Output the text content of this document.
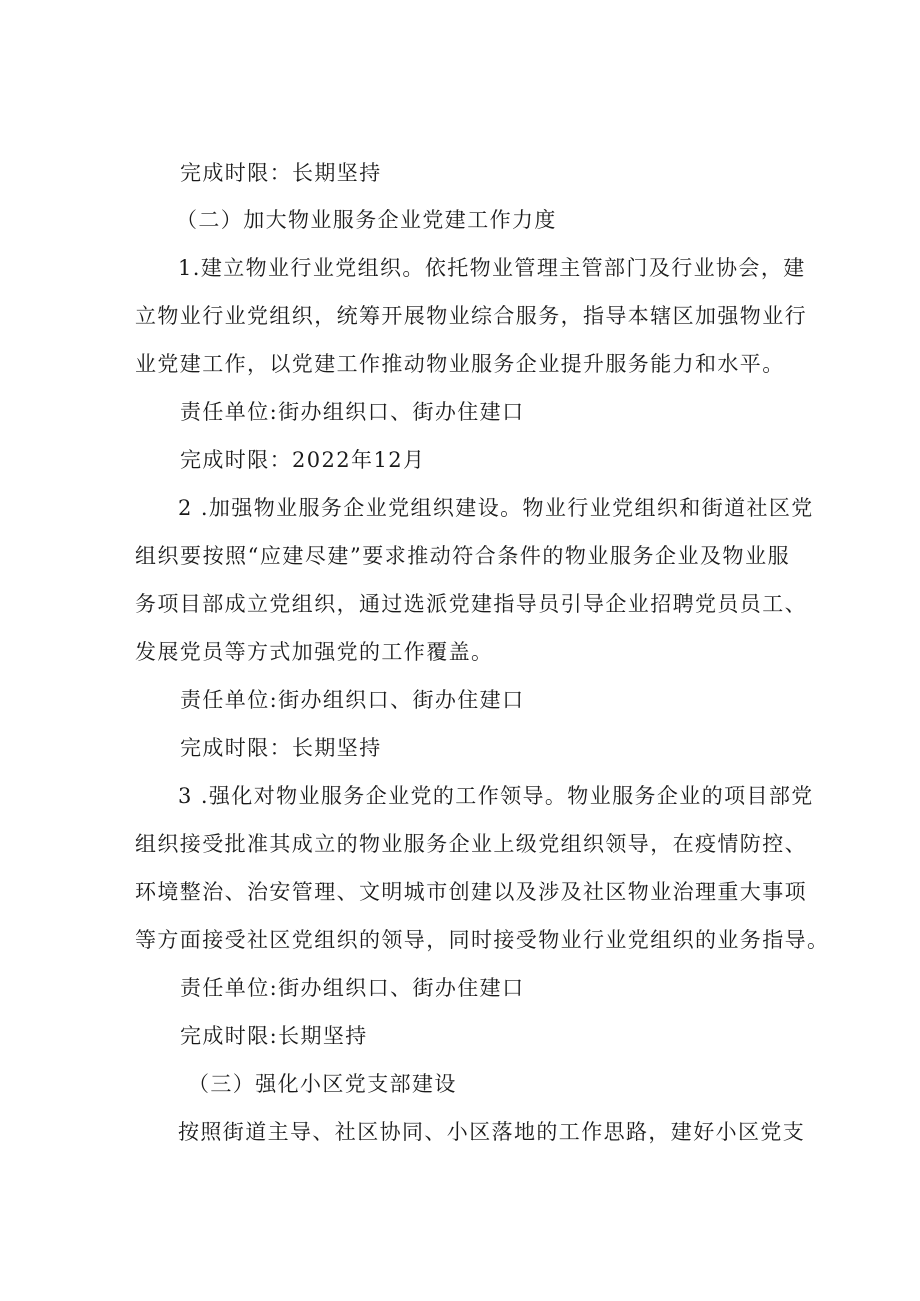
完成时限：长期坚持
（二）加大物业服务企业党建工作力度
1.建立物业行业党组织。依托物业管理主管部门及行业协会，建
立物业行业党组织，统筹开展物业综合服务，指导本辖区加强物业行
业党建工作，以党建工作推动物业服务企业提升服务能力和水平。
责任单位:街办组织口、街办住建口
完成时限：2022年12月
2 .加强物业服务企业党组织建设。物业行业党组织和街道社区党
组织要按照“应建尽建”要求推动符合条件的物业服务企业及物业服
务项目部成立党组织，通过选派党建指导员引导企业招聘党员员工、
发展党员等方式加强党的工作覆盖。
责任单位:街办组织口、街办住建口
完成时限：长期坚持
3 .强化对物业服务企业党的工作领导。物业服务企业的项目部党
组织接受批准其成立的物业服务企业上级党组织领导，在疫情防控、
环境整治、治安管理、文明城市创建以及涉及社区物业治理重大事项
等方面接受社区党组织的领导，同时接受物业行业党组织的业务指导。
责任单位:街办组织口、街办住建口
完成时限:长期坚持
（三）强化小区党支部建设
按照街道主导、社区协同、小区落地的工作思路，建好小区党支
